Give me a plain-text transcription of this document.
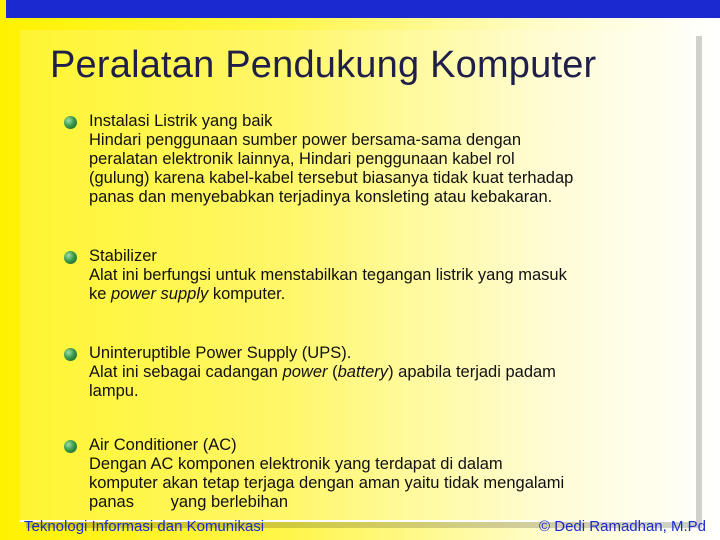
Peralatan Pendukung Komputer
Instalasi Listrik yang baik
Hindari penggunaan sumber power bersama-sama dengan
peralatan elektronik lainnya, Hindari penggunaan kabel rol
(gulung) karena kabel-kabel tersebut biasanya tidak kuat terhadap
panas dan menyebabkan terjadinya konsleting atau kebakaran.
Stabilizer
Alat ini berfungsi untuk menstabilkan tegangan listrik yang masuk
ke power supply komputer.
Uninteruptible Power Supply (UPS).
Alat ini sebagai cadangan power (battery) apabila terjadi padam
lampu.
Air Conditioner (AC)
Dengan AC komponen elektronik yang terdapat di dalam
komputer akan tetap terjaga dengan aman yaitu tidak mengalami
panas        yang berlebihan
Teknologi Informasi dan Komunikasi	© Dedi Ramadhan, M.Pd
